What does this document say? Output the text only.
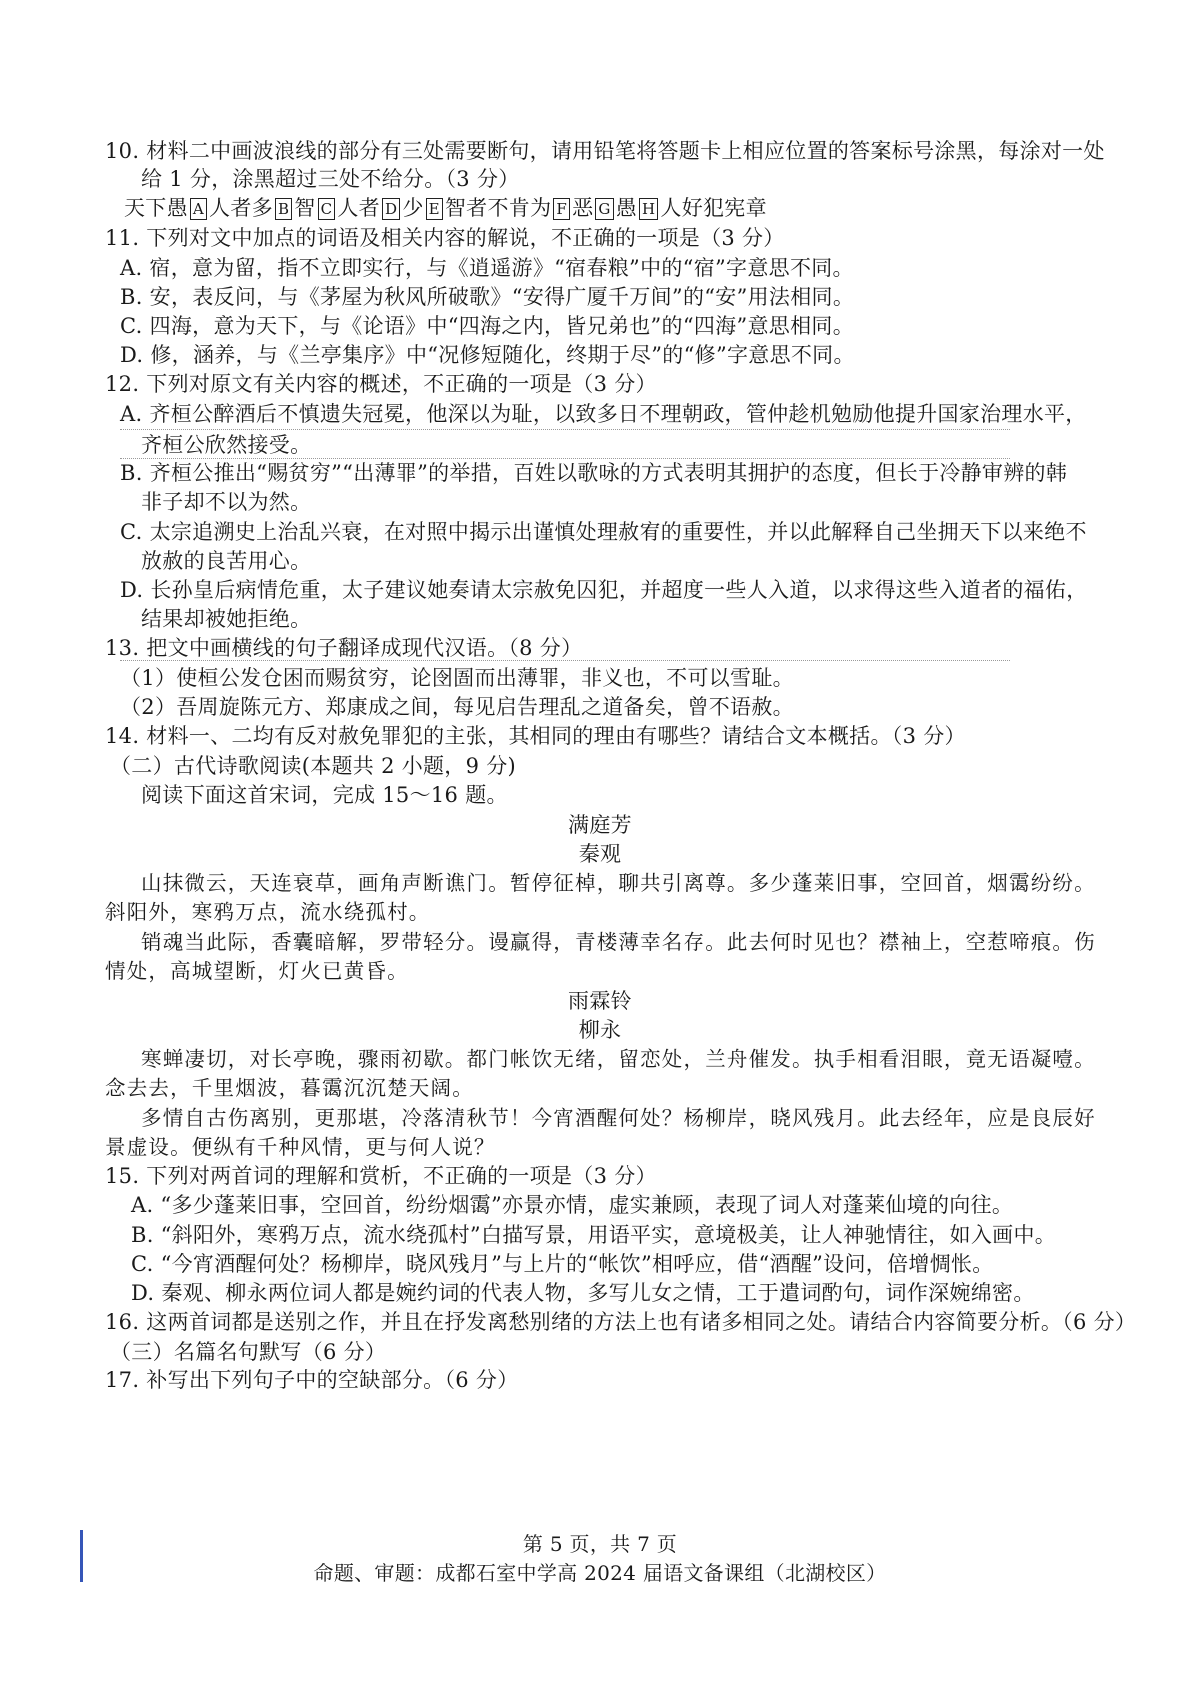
10. 材料二中画波浪线的部分有三处需要断句，请用铅笔将答题卡上相应位置的答案标号涂黑，每涂对一处
给 1 分，涂黑超过三处不给分。（3 分）
天下愚 A 人者多 B 智 C 人者 D 少 E 智者不肯为 F 恶 G 愚 H 人好犯宪章
11. 下列对文中加点的词语及相关内容的解说，不正确的一项是（3 分）
A. 宿，意为留，指不立即实行，与《逍遥游》“宿春粮”中的“宿”字意思不同。
B. 安，表反问，与《茅屋为秋风所破歌》“安得广厦千万间”的“安”用法相同。
C. 四海，意为天下，与《论语》中“四海之内，皆兄弟也”的“四海”意思相同。
D. 修，涵养，与《兰亭集序》中“况修短随化，终期于尽”的“修”字意思不同。
12. 下列对原文有关内容的概述，不正确的一项是（3 分）
A. 齐桓公醉酒后不慎遗失冠冕，他深以为耻，以致多日不理朝政，管仲趁机勉励他提升国家治理水平，
齐桓公欣然接受。
B. 齐桓公推出“赐贫穷”“出薄罪”的举措，百姓以歌咏的方式表明其拥护的态度，但长于冷静审辨的韩
非子却不以为然。
C. 太宗追溯史上治乱兴衰，在对照中揭示出谨慎处理赦宥的重要性，并以此解释自己坐拥天下以来绝不
放赦的良苦用心。
D. 长孙皇后病情危重，太子建议她奏请太宗赦免囚犯，并超度一些人入道，以求得这些入道者的福佑，
结果却被她拒绝。
13. 把文中画横线的句子翻译成现代汉语。（8 分）
（1）使桓公发仓困而赐贫穷，论囹圄而出薄罪，非义也，不可以雪耻。
（2）吾周旋陈元方、郑康成之间，每见启告理乱之道备矣，曾不语赦。
14. 材料一、二均有反对赦免罪犯的主张，其相同的理由有哪些？请结合文本概括。（3 分）
（二）古代诗歌阅读(本题共 2 小题，9 分)
阅读下面这首宋词，完成 15～16 题。
满庭芳
秦观
山抹微云，天连衰草，画角声断谯门。暂停征棹，聊共引离尊。多少蓬莱旧事，空回首，烟霭纷纷。
斜阳外，寒鸦万点，流水绕孤村。
销魂当此际，香囊暗解，罗带轻分。谩赢得，青楼薄幸名存。此去何时见也？襟袖上，空惹啼痕。伤
情处，高城望断，灯火已黄昏。
雨霖铃
柳永
寒蝉凄切，对长亭晚，骤雨初歇。都门帐饮无绪，留恋处，兰舟催发。执手相看泪眼，竟无语凝噎。
念去去，千里烟波，暮霭沉沉楚天阔。
多情自古伤离别，更那堪，冷落清秋节！今宵酒醒何处？杨柳岸，晓风残月。此去经年，应是良辰好
景虚设。便纵有千种风情，更与何人说？
15. 下列对两首词的理解和赏析，不正确的一项是（3 分）
A. “多少蓬莱旧事，空回首，纷纷烟霭”亦景亦情，虚实兼顾，表现了词人对蓬莱仙境的向往。
B. “斜阳外，寒鸦万点，流水绕孤村”白描写景，用语平实，意境极美，让人神驰情往，如入画中。
C. “今宵酒醒何处？杨柳岸，晓风残月”与上片的“帐饮”相呼应，借“酒醒”设问，倍增惆怅。
D. 秦观、柳永两位词人都是婉约词的代表人物，多写儿女之情，工于遣词酌句，词作深婉绵密。
16. 这两首词都是送别之作，并且在抒发离愁别绪的方法上也有诸多相同之处。请结合内容简要分析。（6 分）
（三）名篇名句默写（6 分）
17. 补写出下列句子中的空缺部分。（6 分）
第 5 页，共 7 页
命题、审题：成都石室中学高 2024 届语文备课组（北湖校区）
